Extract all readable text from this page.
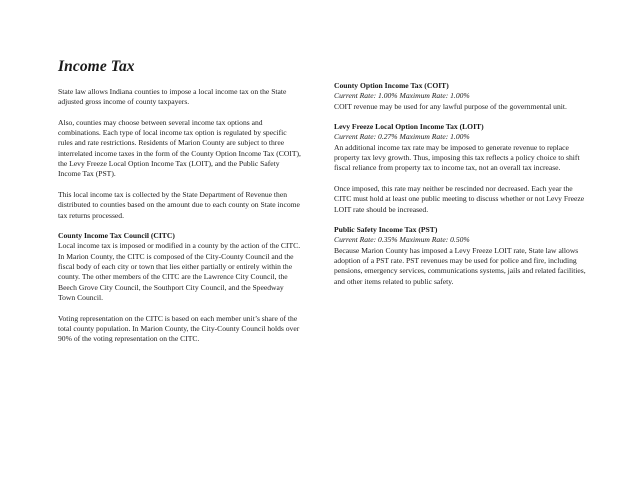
Income Tax

State law allows Indiana counties to impose a local income tax on the State adjusted gross income of county taxpayers.

Also, counties may choose between several income tax options and combinations. Each type of local income tax option is regulated by specific rules and rate restrictions. Residents of Marion County are subject to three interrelated income taxes in the form of the County Option Income Tax (COIT), the Levy Freeze Local Option Income Tax (LOIT), and the Public Safety Income Tax (PST).

This local income tax is collected by the State Department of Revenue then distributed to counties based on the amount due to each county on State income tax returns processed.

County Income Tax Council (CITC)
Local income tax is imposed or modified in a county by the action of the CITC. In Marion County, the CITC is composed of the City-County Council and the fiscal body of each city or town that lies either partially or entirely within the county. The other members of the CITC are the Lawrence City Council, the Beech Grove City Council, the Southport City Council, and the Speedway Town Council.

Voting representation on the CITC is based on each member unit’s share of the total county population. In Marion County, the City-County Council holds over 90% of the voting representation on the CITC.

County Option Income Tax (COIT)
Current Rate: 1.00% Maximum Rate: 1.00%
COIT revenue may be used for any lawful purpose of the governmental unit.
Levy Freeze Local Option Income Tax (LOIT)
Current Rate: 0.27% Maximum Rate: 1.00%
An additional income tax rate may be imposed to generate revenue to replace property tax levy growth. Thus, imposing this tax reflects a policy choice to shift fiscal reliance from property tax to income tax, not an overall tax increase.

Once imposed, this rate may neither be rescinded nor decreased. Each year the CITC must hold at least one public meeting to discuss whether or not Levy Freeze LOIT rate should be increased.

Public Safety Income Tax (PST)
Current Rate: 0.35% Maximum Rate: 0.50%
Because Marion County has imposed a Levy Freeze LOIT rate, State law allows adoption of a PST rate. PST revenues may be used for police and fire, including pensions, emergency services, communications systems, jails and related facilities, and other items related to public safety.
